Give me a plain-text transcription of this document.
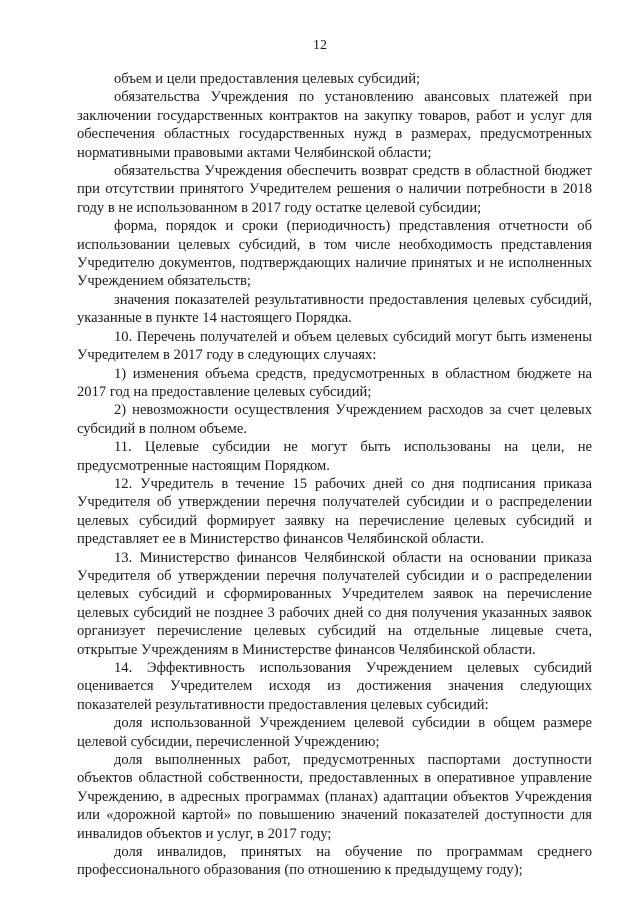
12

объем и цели предоставления целевых субсидий;

обязательства Учреждения по установлению авансовых платежей при заключении государственных контрактов на закупку товаров, работ и услуг для обеспечения областных государственных нужд в размерах, предусмотренных нормативными правовыми актами Челябинской области;

обязательства Учреждения обеспечить возврат средств в областной бюджет при отсутствии принятого Учредителем решения о наличии потребности в 2018 году в не использованном в 2017 году остатке целевой субсидии;

форма, порядок и сроки (периодичность) представления отчетности об использовании целевых субсидий, в том числе необходимость представления Учредителю документов, подтверждающих наличие принятых и не исполненных Учреждением обязательств;

значения показателей результативности предоставления целевых субсидий, указанные в пункте 14 настоящего Порядка.

10. Перечень получателей и объем целевых субсидий могут быть изменены Учредителем в 2017 году в следующих случаях:

1) изменения объема средств, предусмотренных в областном бюджете на 2017 год на предоставление целевых субсидий;

2) невозможности осуществления Учреждением расходов за счет целевых субсидий в полном объеме.

11. Целевые субсидии не могут быть использованы на цели, не предусмотренные настоящим Порядком.

12. Учредитель в течение 15 рабочих дней со дня подписания приказа Учредителя об утверждении перечня получателей субсидии и о распределении целевых субсидий формирует заявку на перечисление целевых субсидий и представляет ее в Министерство финансов Челябинской области.

13. Министерство финансов Челябинской области на основании приказа Учредителя об утверждении перечня получателей субсидии и о распределении целевых субсидий и сформированных Учредителем заявок на перечисление целевых субсидий не позднее 3 рабочих дней со дня получения указанных заявок организует перечисление целевых субсидий на отдельные лицевые счета, открытые Учреждениям в Министерстве финансов Челябинской области.

14. Эффективность использования Учреждением целевых субсидий оценивается Учредителем исходя из достижения значения следующих показателей результативности предоставления целевых субсидий:

доля использованной Учреждением целевой субсидии в общем размере целевой субсидии, перечисленной Учреждению;

доля выполненных работ, предусмотренных паспортами доступности объектов областной собственности, предоставленных в оперативное управление Учреждению, в адресных программах (планах) адаптации объектов Учреждения или «дорожной картой» по повышению значений показателей доступности для инвалидов объектов и услуг, в 2017 году;

доля инвалидов, принятых на обучение по программам среднего профессионального образования (по отношению к предыдущему году);
